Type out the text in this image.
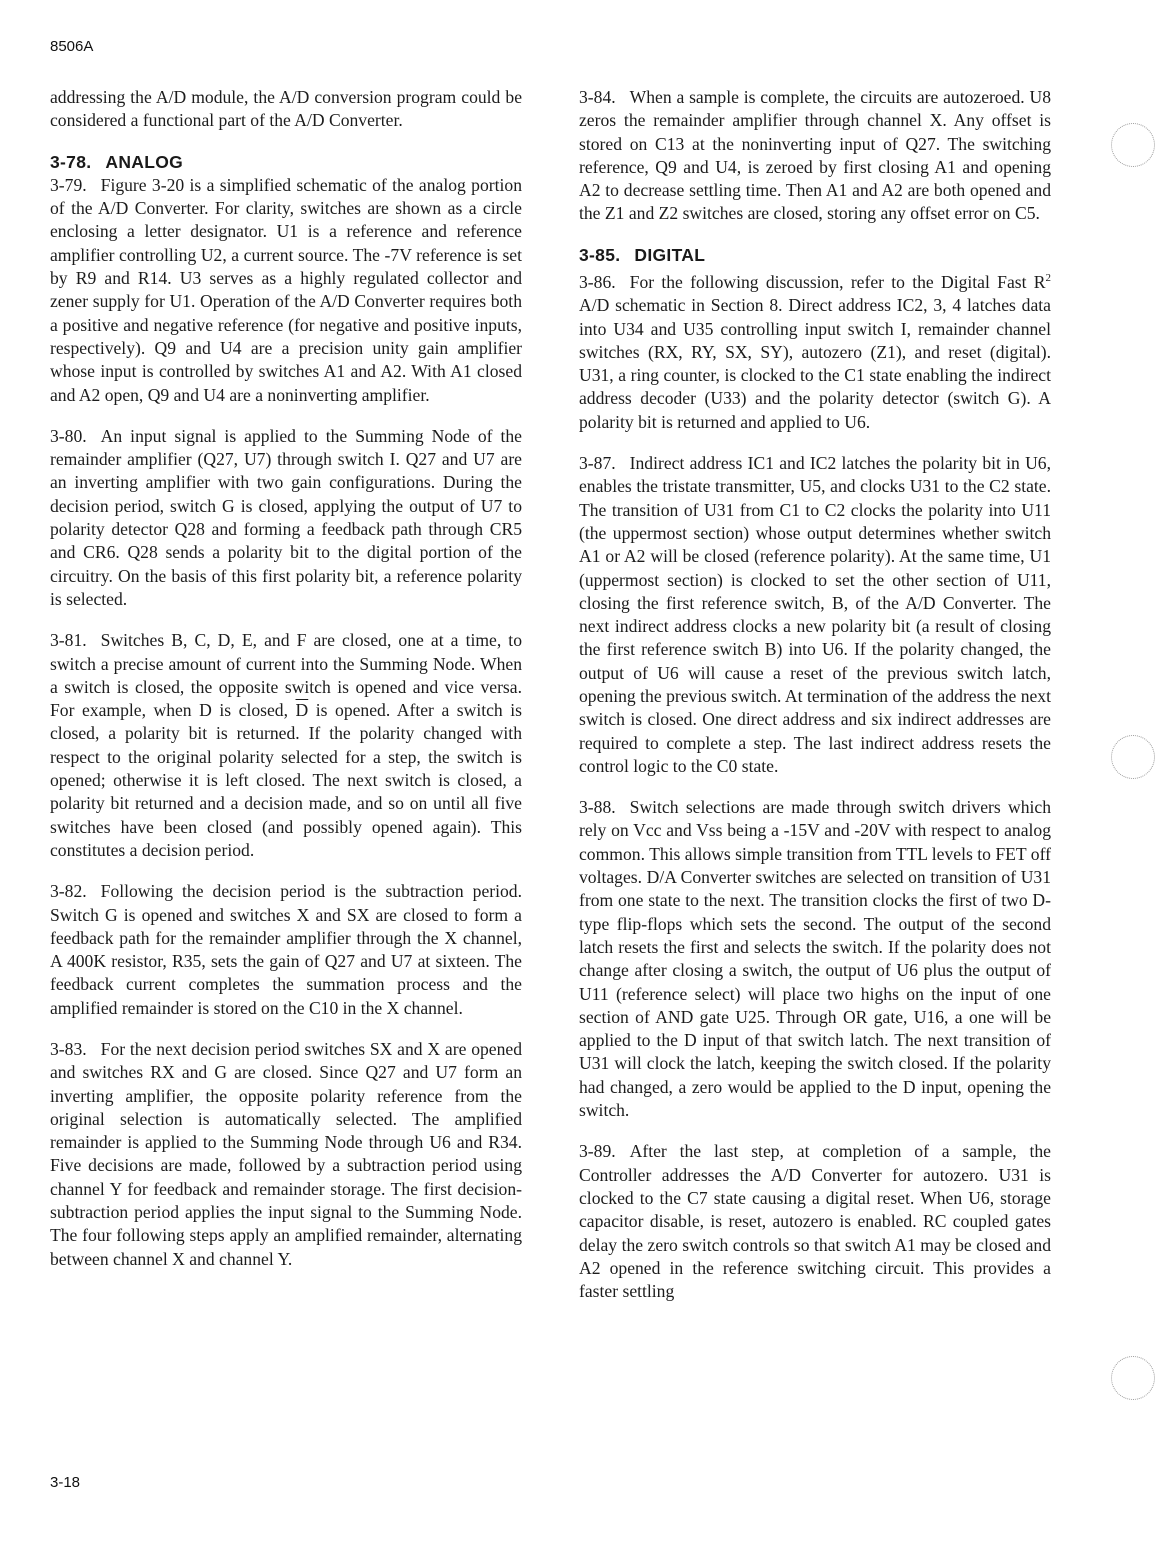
8506A
3-18

addressing the A/D module, the A/D conversion program could be considered a functional part of the A/D Converter.

3-78. ANALOG

3-79. Figure 3-20 is a simplified schematic of the analog portion of the A/D Converter. For clarity, switches are shown as a circle enclosing a letter designator. U1 is a reference and reference amplifier controlling U2, a current source. The -7V reference is set by R9 and R14. U3 serves as a highly regulated collector and zener supply for U1. Operation of the A/D Converter requires both a positive and negative reference (for negative and positive inputs, respectively). Q9 and U4 are a precision unity gain amplifier whose input is controlled by switches A1 and A2. With A1 closed and A2 open, Q9 and U4 are a noninverting amplifier.

3-80. An input signal is applied to the Summing Node of the remainder amplifier (Q27, U7) through switch I. Q27 and U7 are an inverting amplifier with two gain configurations. During the decision period, switch G is closed, applying the output of U7 to polarity detector Q28 and forming a feedback path through CR5 and CR6. Q28 sends a polarity bit to the digital portion of the circuitry. On the basis of this first polarity bit, a reference polarity is selected.

3-81. Switches B, C, D, E, and F are closed, one at a time, to switch a precise amount of current into the Summing Node. When a switch is closed, the opposite switch is opened and vice versa. For example, when D is closed, $\overline{D}$ is opened. After a switch is closed, a polarity bit is returned. If the polarity changed with respect to the original polarity selected for a step, the switch is opened; otherwise it is left closed. The next switch is closed, a polarity bit returned and a decision made, and so on until all five switches have been closed (and possibly opened again). This constitutes a decision period.

3-82. Following the decision period is the subtraction period. Switch G is opened and switches X and SX are closed to form a feedback path for the remainder amplifier through the X channel, A 400K resistor, R35, sets the gain of Q27 and U7 at sixteen. The feedback current completes the summation process and the amplified remainder is stored on the C10 in the X channel.

3-83. For the next decision period switches SX and X are opened and switches RX and G are closed. Since Q27 and U7 form an inverting amplifier, the opposite polarity reference from the original selection is automatically selected. The amplified remainder is applied to the Summing Node through U6 and R34. Five decisions are made, followed by a subtraction period using channel Y for feedback and remainder storage. The first decision-subtraction period applies the input signal to the Summing Node. The four following steps apply an amplified remainder, alternating between channel X and channel Y.

3-84. When a sample is complete, the circuits are autozeroed. U8 zeros the remainder amplifier through channel X. Any offset is stored on C13 at the noninverting input of Q27. The switching reference, Q9 and U4, is zeroed by first closing A1 and opening A2 to decrease settling time. Then A1 and A2 are both opened and the Z1 and Z2 switches are closed, storing any offset error on C5.

3-85. DIGITAL

3-86. For the following discussion, refer to the Digital Fast $R^2$ A/D schematic in Section 8. Direct address IC2, 3, 4 latches data into U34 and U35 controlling input switch I, remainder channel switches (RX, RY, SX, SY), autozero (Z1), and reset (digital). U31, a ring counter, is clocked to the C1 state enabling the indirect address decoder (U33) and the polarity detector (switch G). A polarity bit is returned and applied to U6.

3-87. Indirect address IC1 and IC2 latches the polarity bit in U6, enables the tristate transmitter, U5, and clocks U31 to the C2 state. The transition of U31 from C1 to C2 clocks the polarity into U11 (the uppermost section) whose output determines whether switch A1 or A2 will be closed (reference polarity). At the same time, U1 (uppermost section) is clocked to set the other section of U11, closing the first reference switch, B, of the A/D Converter. The next indirect address clocks a new polarity bit (a result of closing the first reference switch B) into U6. If the polarity changed, the output of U6 will cause a reset of the previous switch latch, opening the previous switch. At termination of the address the next switch is closed. One direct address and six indirect addresses are required to complete a step. The last indirect address resets the control logic to the C0 state.

3-88. Switch selections are made through switch drivers which rely on Vcc and Vss being a -15V and -20V with respect to analog common. This allows simple transition from TTL levels to FET off voltages. D/A Converter switches are selected on transition of U31 from one state to the next. The transition clocks the first of two D-type flip-flops which sets the second. The output of the second latch resets the first and selects the switch. If the polarity does not change after closing a switch, the output of U6 plus the output of U11 (reference select) will place two highs on the input of one section of AND gate U25. Through OR gate, U16, a one will be applied to the D input of that switch latch. The next transition of U31 will clock the latch, keeping the switch closed. If the polarity had changed, a zero would be applied to the D input, opening the switch.

3-89. After the last step, at completion of a sample, the Controller addresses the A/D Converter for autozero. U31 is clocked to the C7 state causing a digital reset. When U6, storage capacitor disable, is reset, autozero is enabled. RC coupled gates delay the zero switch controls so that switch A1 may be closed and A2 opened in the reference switching circuit. This provides a faster settling
